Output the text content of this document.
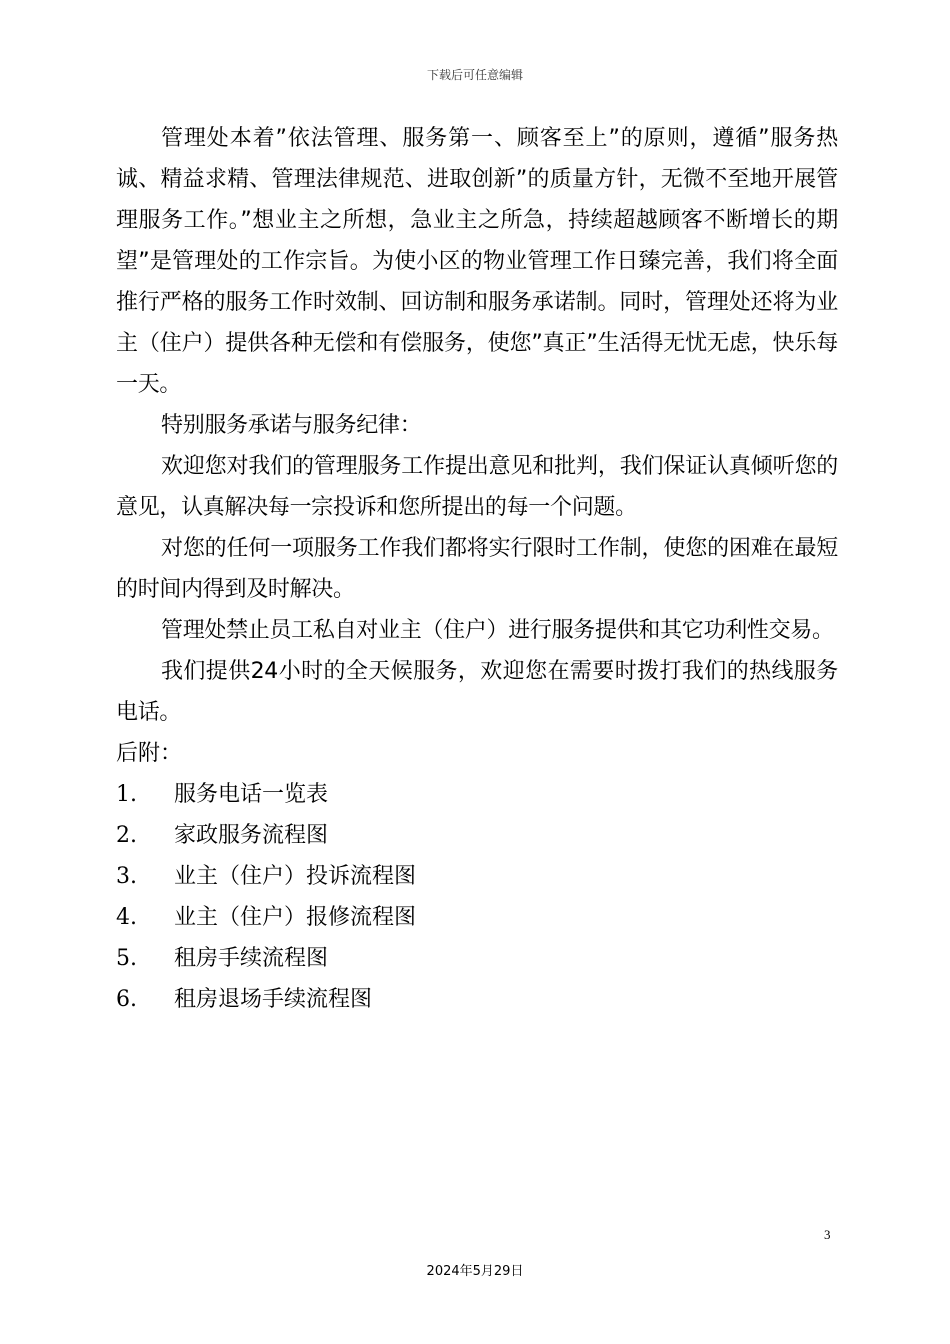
下载后可任意编辑

管理处本着”依法管理、服务第一、顾客至上”的原则，遵循”服务热诚、精益求精、管理法律规范、进取创新”的质量方针，无微不至地开展管理服务工作。”想业主之所想，急业主之所急，持续超越顾客不断增长的期望”是管理处的工作宗旨。为使小区的物业管理工作日臻完善，我们将全面推行严格的服务工作时效制、回访制和服务承诺制。同时，管理处还将为业主（住户）提供各种无偿和有偿服务，使您”真正”生活得无忧无虑，快乐每一天。

特别服务承诺与服务纪律：

欢迎您对我们的管理服务工作提出意见和批判，我们保证认真倾听您的意见，认真解决每一宗投诉和您所提出的每一个问题。

对您的任何一项服务工作我们都将实行限时工作制，使您的困难在最短的时间内得到及时解决。

管理处禁止员工私自对业主（住户）进行服务提供和其它功利性交易。

我们提供24小时的全天候服务，欢迎您在需要时拨打我们的热线服务电话。

后附：

1.	服务电话一览表
2.	家政服务流程图
3.	业主（住户）投诉流程图
4.	业主（住户）报修流程图
5.	租房手续流程图
6.	租房退场手续流程图
3
2024年5月29日
